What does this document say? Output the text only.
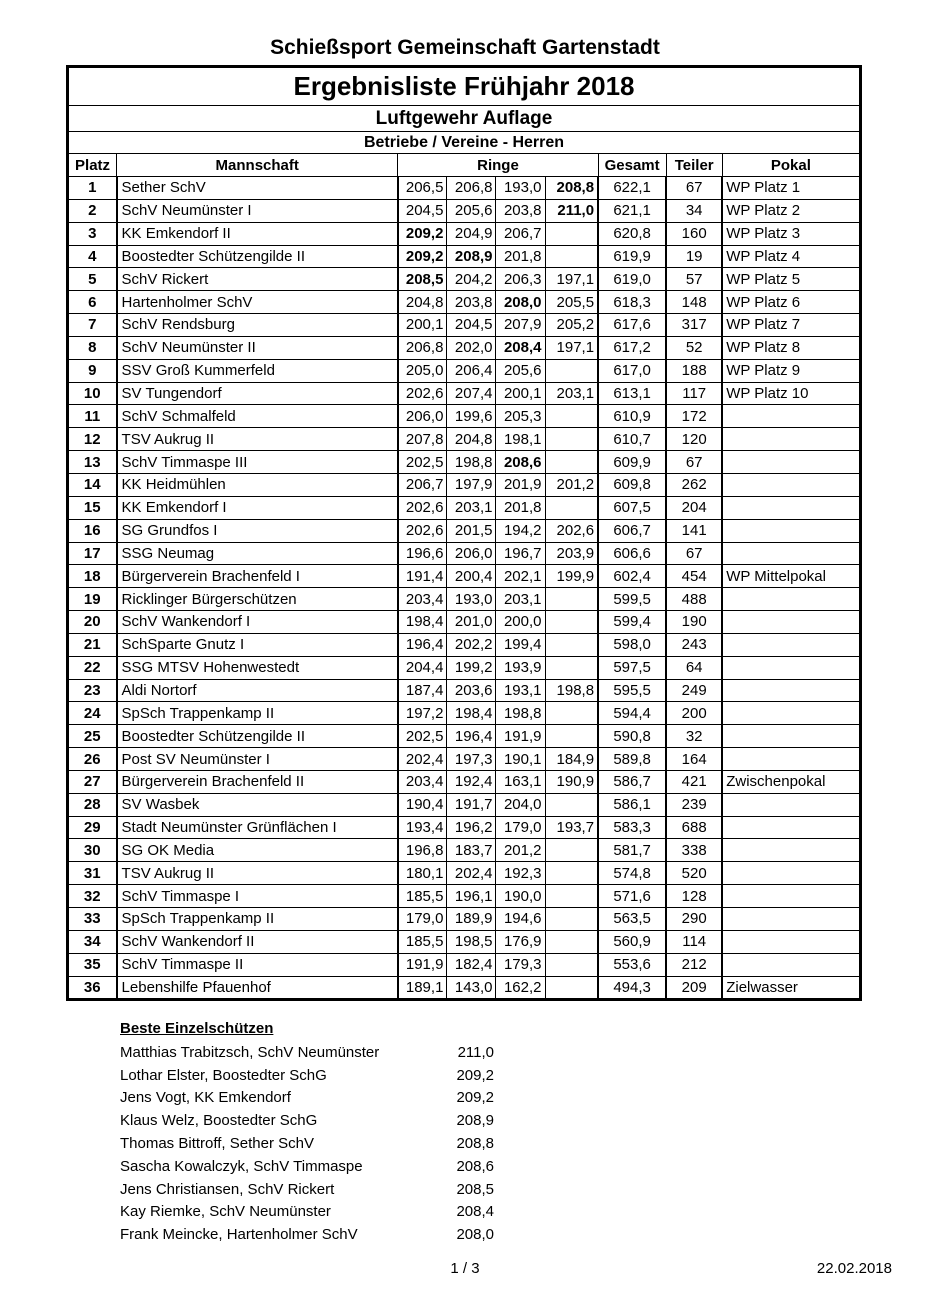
Schießsport Gemeinschaft Gartenstadt
Ergebnisliste Frühjahr 2018								
Luftgewehr Auflage								
Betriebe / Vereine - Herren								
Platz	Mannschaft	Ringe				Gesamt	Teiler	Pokal
1	Sether SchV	206,5	206,8	193,0	208,8	622,1	67	WP Platz 1
2	SchV Neumünster I	204,5	205,6	203,8	211,0	621,1	34	WP Platz 2
3	KK Emkendorf II	209,2	204,9	206,7		620,8	160	WP Platz 3
4	Boostedter Schützengilde II	209,2	208,9	201,8		619,9	19	WP Platz 4
5	SchV Rickert	208,5	204,2	206,3	197,1	619,0	57	WP Platz 5
6	Hartenholmer SchV	204,8	203,8	208,0	205,5	618,3	148	WP Platz 6
7	SchV Rendsburg	200,1	204,5	207,9	205,2	617,6	317	WP Platz 7
8	SchV Neumünster II	206,8	202,0	208,4	197,1	617,2	52	WP Platz 8
9	SSV Groß Kummerfeld	205,0	206,4	205,6		617,0	188	WP Platz 9
10	SV Tungendorf	202,6	207,4	200,1	203,1	613,1	117	WP Platz 10
11	SchV Schmalfeld	206,0	199,6	205,3		610,9	172	
12	TSV Aukrug II	207,8	204,8	198,1		610,7	120	
13	SchV Timmaspe III	202,5	198,8	208,6		609,9	67	
14	KK Heidmühlen	206,7	197,9	201,9	201,2	609,8	262	
15	KK Emkendorf I	202,6	203,1	201,8		607,5	204	
16	SG Grundfos I	202,6	201,5	194,2	202,6	606,7	141	
17	SSG Neumag	196,6	206,0	196,7	203,9	606,6	67	
18	Bürgerverein Brachenfeld I	191,4	200,4	202,1	199,9	602,4	454	WP Mittelpokal
19	Ricklinger Bürgerschützen	203,4	193,0	203,1		599,5	488	
20	SchV Wankendorf I	198,4	201,0	200,0		599,4	190	
21	SchSparte Gnutz I	196,4	202,2	199,4		598,0	243	
22	SSG MTSV Hohenwestedt	204,4	199,2	193,9		597,5	64	
23	Aldi Nortorf	187,4	203,6	193,1	198,8	595,5	249	
24	SpSch Trappenkamp II	197,2	198,4	198,8		594,4	200	
25	Boostedter Schützengilde II	202,5	196,4	191,9		590,8	32	
26	Post SV Neumünster I	202,4	197,3	190,1	184,9	589,8	164	
27	Bürgerverein Brachenfeld II	203,4	192,4	163,1	190,9	586,7	421	Zwischenpokal
28	SV Wasbek	190,4	191,7	204,0		586,1	239	
29	Stadt Neumünster Grünflächen I	193,4	196,2	179,0	193,7	583,3	688	
30	SG OK Media	196,8	183,7	201,2		581,7	338	
31	TSV Aukrug II	180,1	202,4	192,3		574,8	520	
32	SchV Timmaspe I	185,5	196,1	190,0		571,6	128	
33	SpSch Trappenkamp II	179,0	189,9	194,6		563,5	290	
34	SchV Wankendorf II	185,5	198,5	176,9		560,9	114	
35	SchV Timmaspe II	191,9	182,4	179,3		553,6	212	
36	Lebenshilfe Pfauenhof	189,1	143,0	162,2		494,3	209	Zielwasser
Beste Einzelschützen
Matthias Trabitzsch, SchV Neumünster	211,0
Lothar Elster, Boostedter SchG	209,2
Jens Vogt, KK Emkendorf	209,2
Klaus Welz, Boostedter SchG	208,9
Thomas Bittroff, Sether SchV	208,8
Sascha Kowalczyk, SchV Timmaspe	208,6
Jens Christiansen, SchV Rickert	208,5
Kay Riemke, SchV Neumünster	208,4
Frank Meincke, Hartenholmer SchV	208,0
1 / 3	22.02.2018
